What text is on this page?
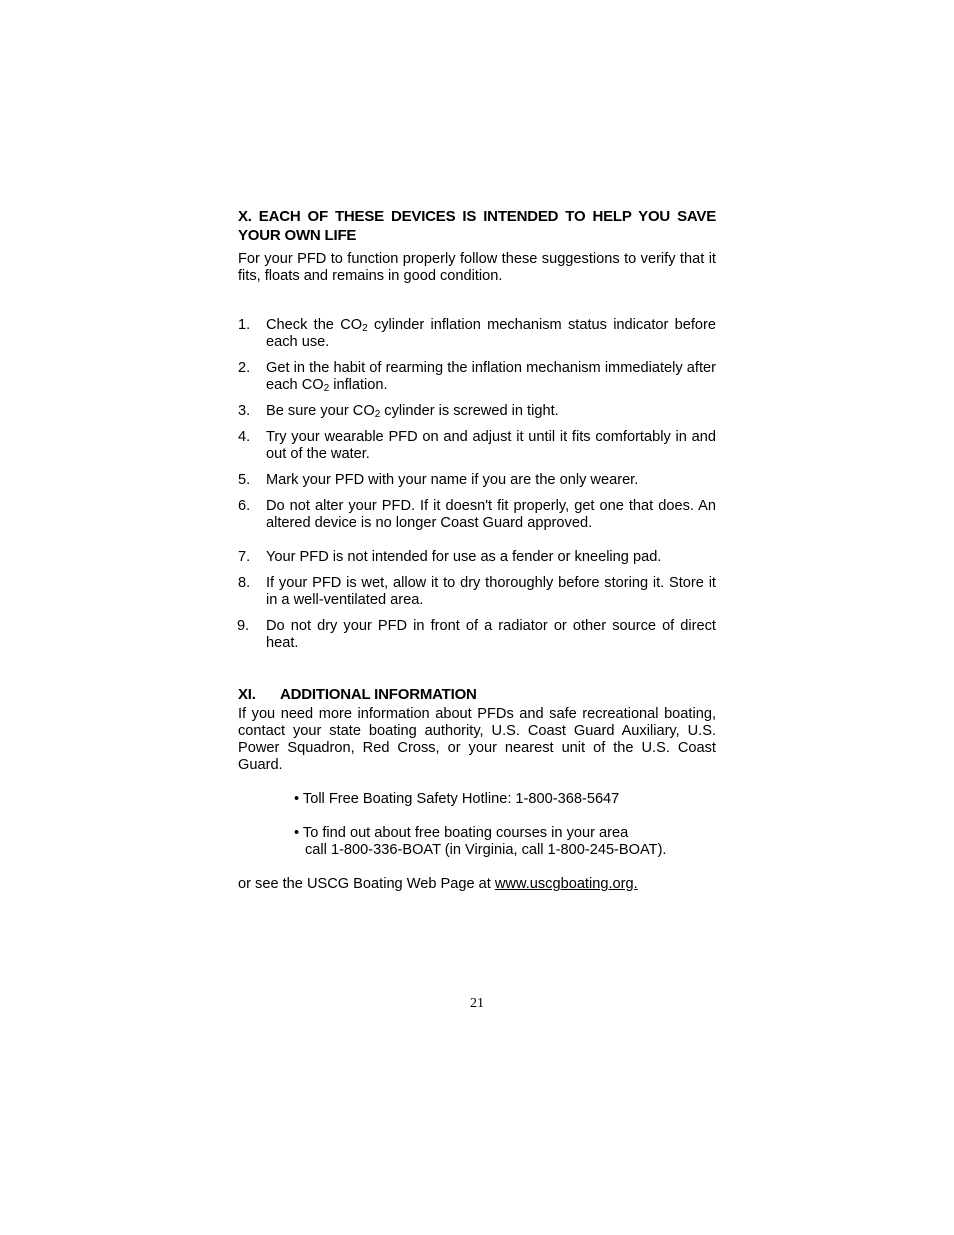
X. EACH OF THESE DEVICES IS INTENDED TO HELP YOU SAVE YOUR OWN LIFE
For your PFD to function properly follow these suggestions to verify that it fits, floats and remains in good condition.
1. Check the $CO_2$ cylinder inflation mechanism status indicator before each use.
2. Get in the habit of rearming the inflation mechanism immediately after each $CO_2$ inflation.
3. Be sure your $CO_2$ cylinder is screwed in tight.
4. Try your wearable PFD on and adjust it until it fits comfortably in and out of the water.
5. Mark your PFD with your name if you are the only wearer.
6. Do not alter your PFD. If it doesn't fit properly, get one that does. An altered device is no longer Coast Guard approved.
7. Your PFD is not intended for use as a fender or kneeling pad.
8. If your PFD is wet, allow it to dry thoroughly before storing it. Store it in a well-ventilated area.
9. Do not dry your PFD in front of a radiator or other source of direct heat.
XI. ADDITIONAL INFORMATION
If you need more information about PFDs and safe recreational boating, contact your state boating authority, U.S. Coast Guard Auxiliary, U.S. Power Squadron, Red Cross, or your nearest unit of the U.S. Coast Guard.
• Toll Free Boating Safety Hotline: 1-800-368-5647
• To find out about free boating courses in your area
call 1-800-336-BOAT (in Virginia, call 1-800-245-BOAT).
or see the USCG Boating Web Page at www.uscgboating.org.
21
